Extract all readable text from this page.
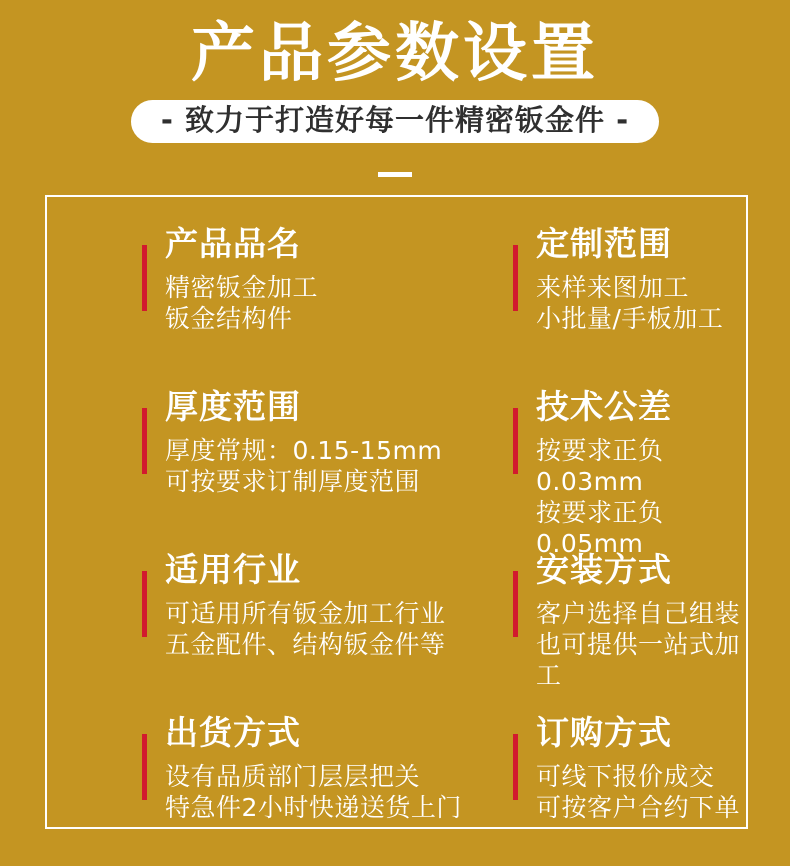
产品参数设置
- 致力于打造好每一件精密钣金件 -
产品品名

精密钣金加工

钣金结构件

定制范围

来样来图加工

小批量/手板加工

厚度范围

厚度常规：0.15-15mm

可按要求订制厚度范围

技术公差

按要求正负0.03mm

按要求正负0.05mm

适用行业

可适用所有钣金加工行业

五金配件、结构钣金件等

安装方式

客户选择自己组装

也可提供一站式加工

出货方式

设有品质部门层层把关

特急件2小时快递送货上门

订购方式

可线下报价成交

可按客户合约下单
